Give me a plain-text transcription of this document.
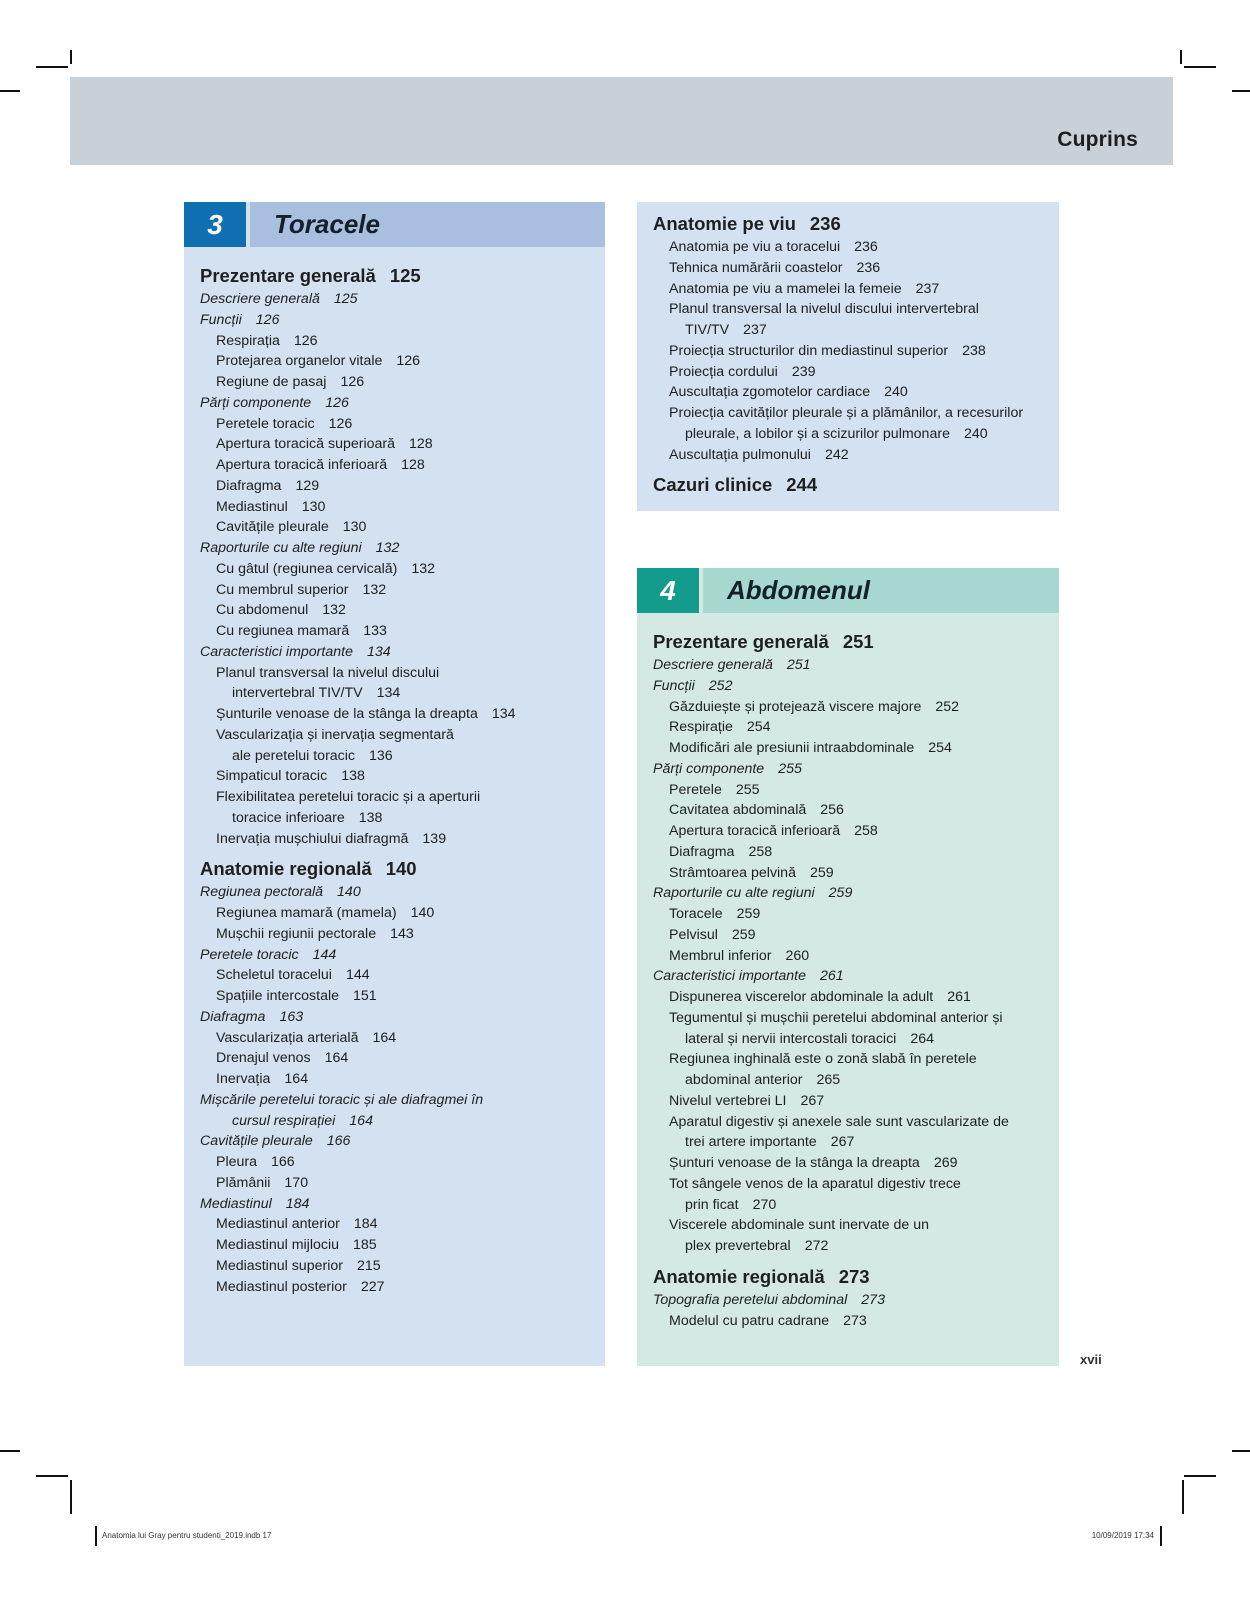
Cuprins
3	Toracele
4	Abdomenul
Prezentare generală 125
Descriere generală 125
Funcții 126
Respirația 126
Protejarea organelor vitale 126
Regiune de pasaj 126
Părți componente 126
Peretele toracic 126
Apertura toracică superioară 128
Apertura toracică inferioară 128
Diafragma 129
Mediastinul 130
Cavitățile pleurale 130
Raporturile cu alte regiuni 132
Cu gâtul (regiunea cervicală) 132
Cu membrul superior 132
Cu abdomenul 132
Cu regiunea mamară 133
Caracteristici importante 134
Planul transversal la nivelul discului
intervertebral TIV/TV 134
Șunturile venoase de la stânga la dreapta 134
Vascularizația și inervația segmentară
ale peretelui toracic 136
Simpaticul toracic 138
Flexibilitatea peretelui toracic și a aperturii
toracice inferioare 138
Inervația mușchiului diafragmă 139
Anatomie regională 140
Regiunea pectorală 140
Regiunea mamară (mamela) 140
Mușchii regiunii pectorale 143
Peretele toracic 144
Scheletul toracelui 144
Spațiile intercostale 151
Diafragma 163
Vascularizația arterială 164
Drenajul venos 164
Inervația 164
Mișcările peretelui toracic și ale diafragmei în
cursul respirației 164
Cavitățile pleurale 166
Pleura 166
Plămânii 170
Mediastinul 184
Mediastinul anterior 184
Mediastinul mijlociu 185
Mediastinul superior 215
Mediastinul posterior 227
Anatomie pe viu 236
Anatomia pe viu a toracelui 236
Tehnica numărării coastelor 236
Anatomia pe viu a mamelei la femeie 237
Planul transversal la nivelul discului intervertebral
TIV/TV 237
Proiecția structurilor din mediastinul superior 238
Proiecția cordului 239
Auscultația zgomotelor cardiace 240
Proiecția cavităților pleurale și a plămânilor, a recesurilor
pleurale, a lobilor și a scizurilor pulmonare 240
Auscultația pulmonului 242
Cazuri clinice 244
Prezentare generală 251
Descriere generală 251
Funcții 252
Găzduiește și protejează viscere majore 252
Respirație 254
Modificări ale presiunii intraabdominale 254
Părți componente 255
Peretele 255
Cavitatea abdominală 256
Apertura toracică inferioară 258
Diafragma 258
Strâmtoarea pelvină 259
Raporturile cu alte regiuni 259
Toracele 259
Pelvisul 259
Membrul inferior 260
Caracteristici importante 261
Dispunerea viscerelor abdominale la adult 261
Tegumentul și mușchii peretelui abdominal anterior și
lateral și nervii intercostali toracici 264
Regiunea inghinală este o zonă slabă în peretele
abdominal anterior 265
Nivelul vertebrei LI 267
Aparatul digestiv și anexele sale sunt vascularizate de
trei artere importante 267
Șunturi venoase de la stânga la dreapta 269
Tot sângele venos de la aparatul digestiv trece
prin ficat 270
Viscerele abdominale sunt inervate de un
plex prevertebral 272
Anatomie regională 273
Topografia peretelui abdominal 273
Modelul cu patru cadrane 273
xvii
Anatomia lui Gray pentru studenti_2019.indb 17	10/09/2019 17:34
